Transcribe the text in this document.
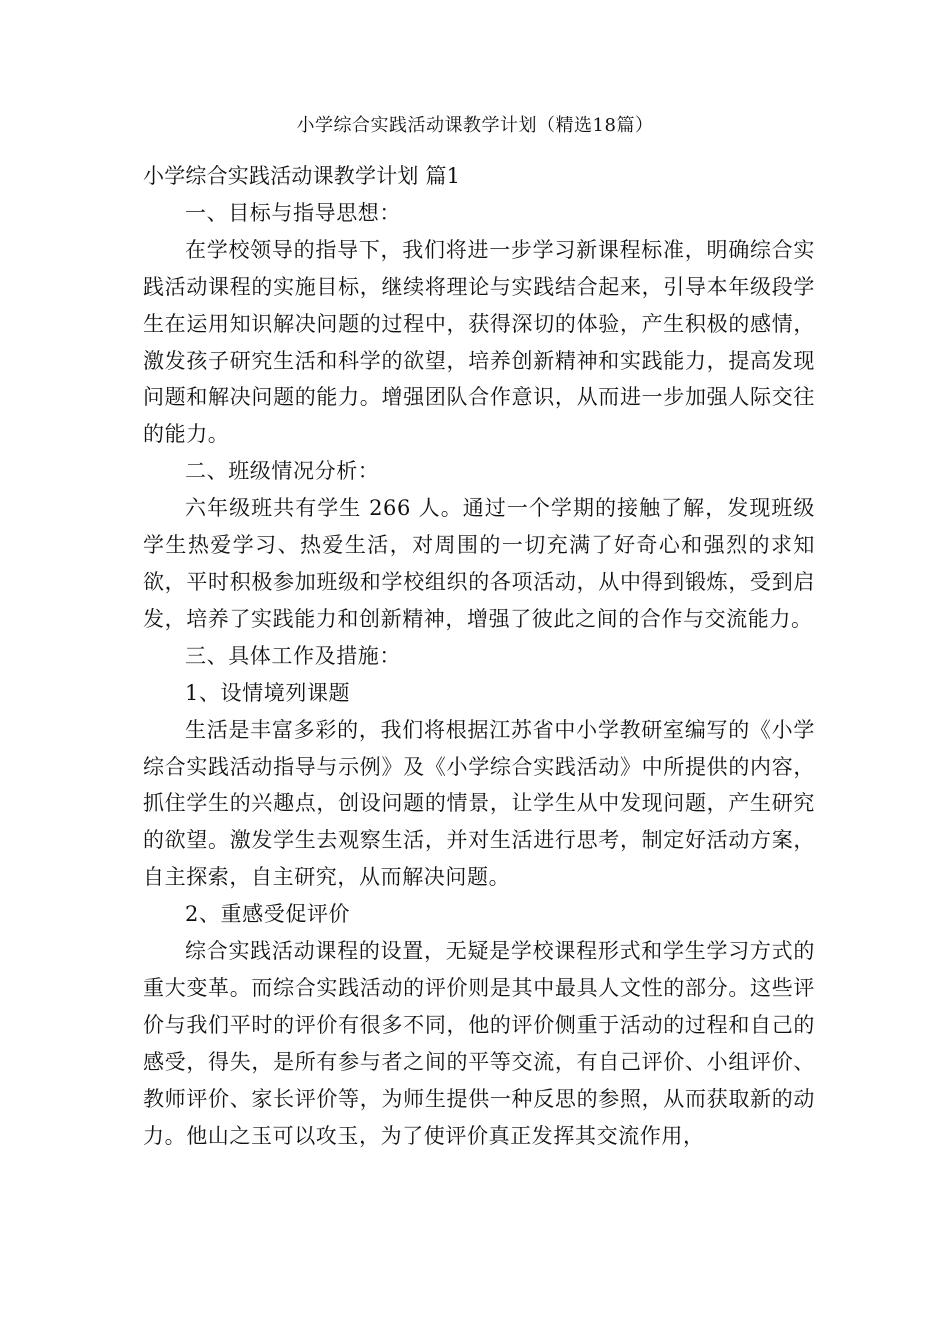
小学综合实践活动课教学计划（精选18篇）

小学综合实践活动课教学计划 篇1

一、目标与指导思想：

在学校领导的指导下，我们将进一步学习新课程标准，明确综合实践活动课程的实施目标，继续将理论与实践结合起来，引导本年级段学生在运用知识解决问题的过程中，获得深切的体验，产生积极的感情，激发孩子研究生活和科学的欲望，培养创新精神和实践能力，提高发现问题和解决问题的能力。增强团队合作意识，从而进一步加强人际交往的能力。

二、班级情况分析：

六年级班共有学生 266 人。通过一个学期的接触了解，发现班级学生热爱学习、热爱生活，对周围的一切充满了好奇心和强烈的求知欲，平时积极参加班级和学校组织的各项活动，从中得到锻炼，受到启发，培养了实践能力和创新精神，增强了彼此之间的合作与交流能力。

三、具体工作及措施：

1、设情境列课题

生活是丰富多彩的，我们将根据江苏省中小学教研室编写的《小学综合实践活动指导与示例》及《小学综合实践活动》中所提供的内容，抓住学生的兴趣点，创设问题的情景，让学生从中发现问题，产生研究的欲望。激发学生去观察生活，并对生活进行思考，制定好活动方案，自主探索，自主研究，从而解决问题。

2、重感受促评价

综合实践活动课程的设置，无疑是学校课程形式和学生学习方式的重大变革。而综合实践活动的评价则是其中最具人文性的部分。这些评价与我们平时的评价有很多不同，他的评价侧重于活动的过程和自己的感受，得失，是所有参与者之间的平等交流，有自己评价、小组评价、教师评价、家长评价等，为师生提供一种反思的参照，从而获取新的动力。他山之玉可以攻玉，为了使评价真正发挥其交流作用，
